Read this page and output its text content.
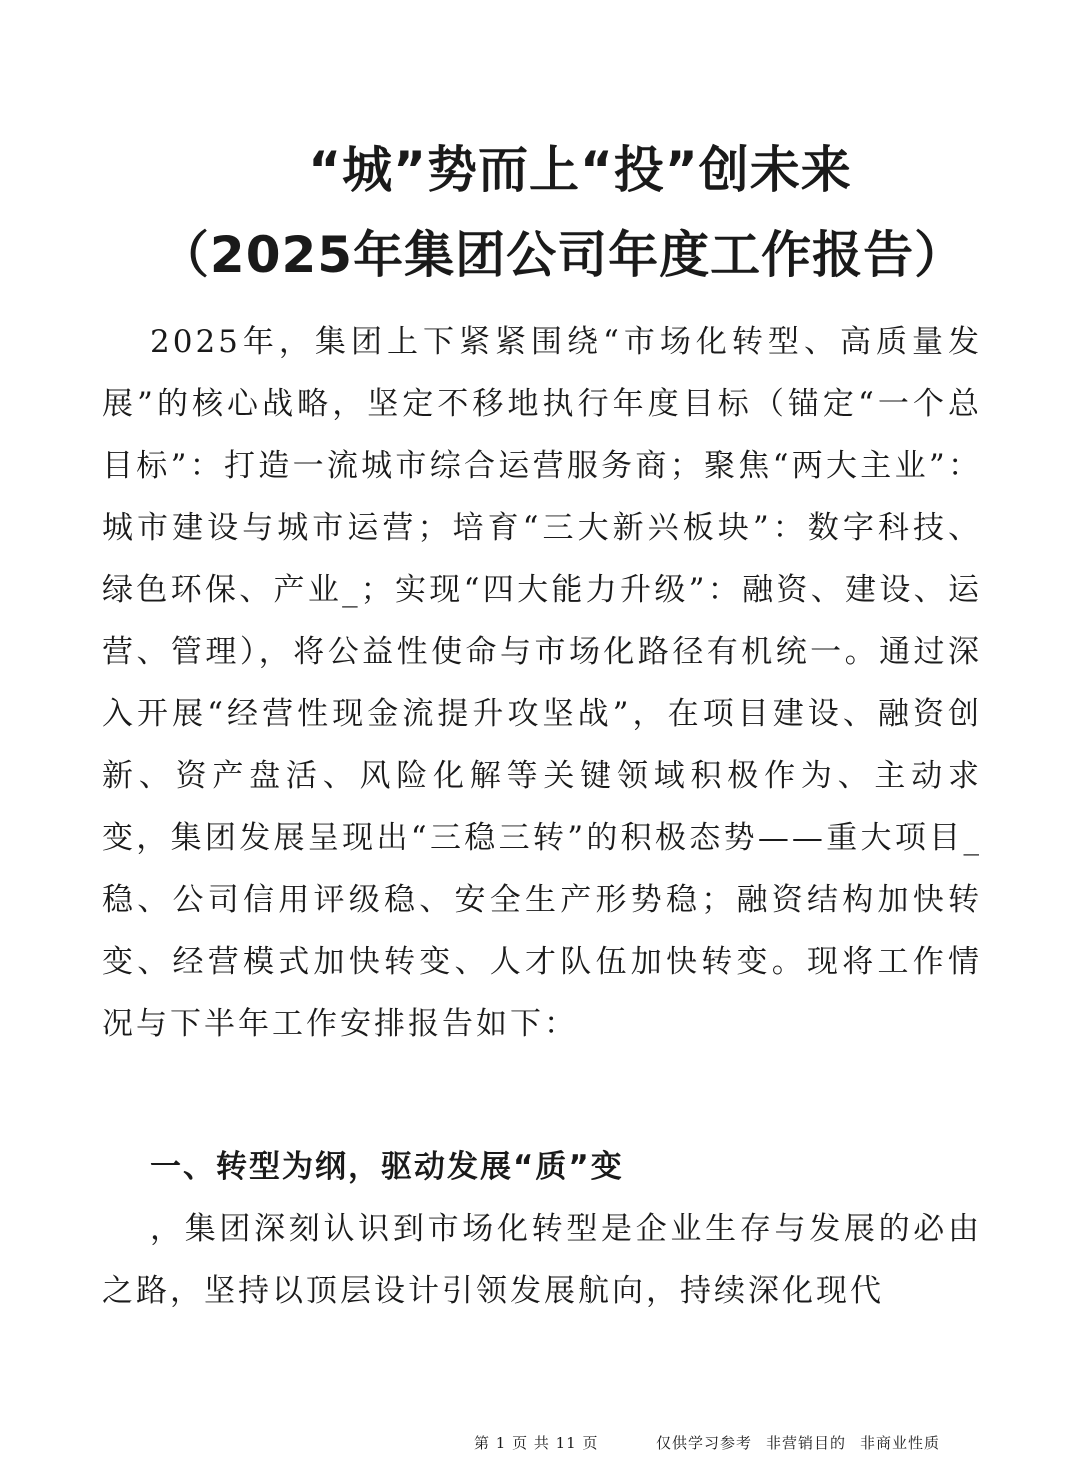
“城”势而上“投”创未来
（2025年集团公司年度工作报告）
2025年，集团上下紧紧围绕“市场化转型、高质量发展”的核心战略，坚定不移地执行年度目标（锚定“一个总目标”：打造一流城市综合运营服务商；聚焦“两大主业”：城市建设与城市运营；培育“三大新兴板块”：数字科技、绿色环保、产业_；实现“四大能力升级”：融资、建设、运营、管理），将公益性使命与市场化路径有机统一。通过深入开展“经营性现金流提升攻坚战”，在项目建设、融资创新、资产盘活、风险化解等关键领域积极作为、主动求变，集团发展呈现出“三稳三转”的积极态势——重大项目_稳、公司信用评级稳、安全生产形势稳；融资结构加快转变、经营模式加快转变、人才队伍加快转变。现将工作情况与下半年工作安排报告如下：
一、转型为纲，驱动发展“质”变
，集团深刻认识到市场化转型是企业生存与发展的必由之路，坚持以顶层设计引领发展航向，持续深化现代
第 1 页 共 11 页	仅供学习参考 非营销目的 非商业性质
